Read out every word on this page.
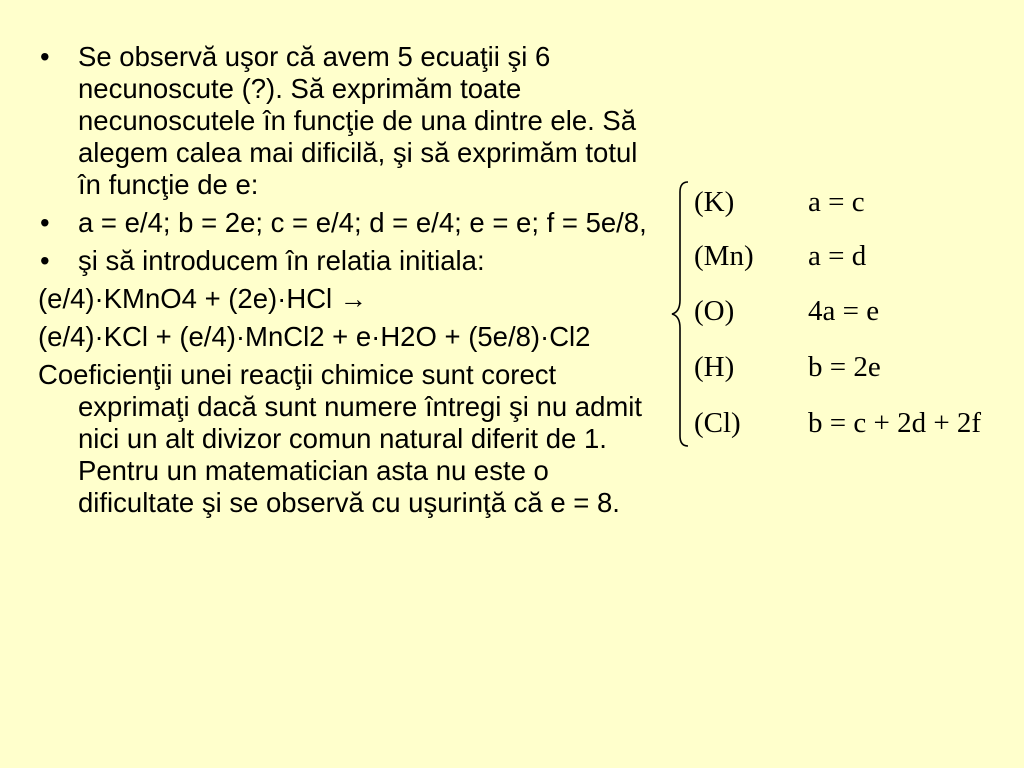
• Se observă uşor că avem 5 ecuaţii şi 6 necunoscute (?). Să exprimăm toate necunoscutele în funcţie de una dintre ele. Să alegem calea mai dificilă, şi să exprimăm totul în funcţie de e:
• a = e/4; b = 2e; c = e/4; d = e/4; e = e; f = 5e/8,
• şi să introducem în relatia initiala:
(e/4)·KMnO4 + (2e)·HCl →
(e/4)·KCl + (e/4)·MnCl2 + e·H2O + (5e/8)·Cl2
Coeficienţii unei reacţii chimice sunt corect exprimaţi dacă sunt numere întregi şi nu admit nici un alt divizor comun natural diferit de 1. Pentru un matematician asta nu este o dificultate şi se observă cu uşurinţă că e = 8.
(K)	a = c
(Mn) a = d
(O)	4a = e
(H)	b = 2e
(Cl) b = c + 2d + 2f
